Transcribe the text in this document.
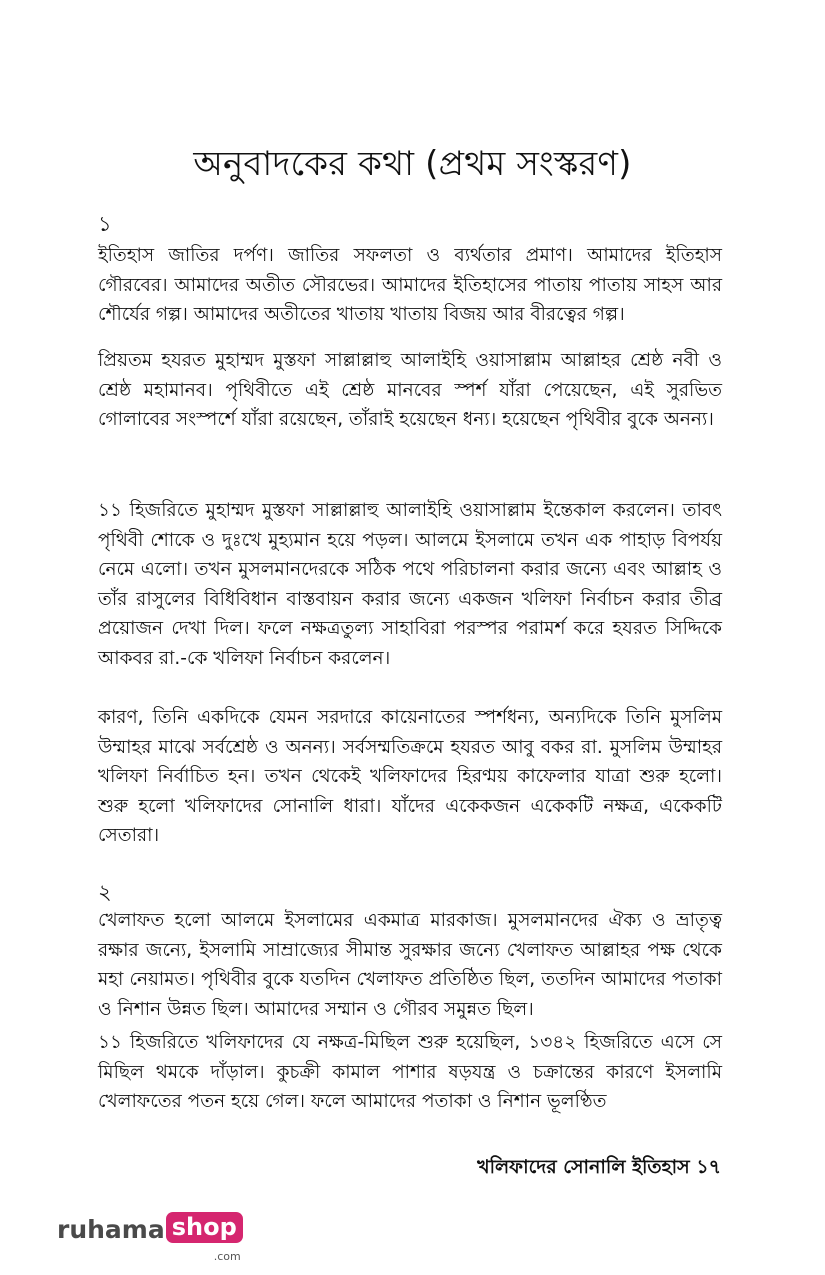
অনুবাদকের কথা (প্রথম সংস্করণ)
১

ইতিহাস জাতির দর্পণ। জাতির সফলতা ও ব্যর্থতার প্রমাণ। আমাদের ইতিহাস গৌরবের। আমাদের অতীত সৌরভের। আমাদের ইতিহাসের পাতায় পাতায় সাহস আর শৌর্যের গল্প। আমাদের অতীতের খাতায় খাতায় বিজয় আর বীরত্বের গল্প।

প্রিয়তম হযরত মুহাম্মদ মুস্তফা সাল্লাল্লাহু আলাইহি ওয়াসাল্লাম আল্লাহর শ্রেষ্ঠ নবী ও শ্রেষ্ঠ মহামানব। পৃথিবীতে এই শ্রেষ্ঠ মানবের স্পর্শ যাঁরা পেয়েছেন, এই সুরভিত গোলাবের সংস্পর্শে যাঁরা রয়েছেন, তাঁরাই হয়েছেন ধন্য। হয়েছেন পৃথিবীর বুকে অনন্য।

১১ হিজরিতে মুহাম্মদ মুস্তফা সাল্লাল্লাহু আলাইহি ওয়াসাল্লাম ইন্তেকাল করলেন। তাবৎ পৃথিবী শোকে ও দুঃখে মুহ্যমান হয়ে পড়ল। আলমে ইসলামে তখন এক পাহাড় বিপর্যয় নেমে এলো। তখন মুসলমানদেরকে সঠিক পথে পরিচালনা করার জন্যে এবং আল্লাহ ও তাঁর রাসুলের বিধিবিধান বাস্তবায়ন করার জন্যে একজন খলিফা নির্বাচন করার তীব্র প্রয়োজন দেখা দিল। ফলে নক্ষত্রতুল্য সাহাবিরা পরস্পর পরামর্শ করে হযরত সিদ্দিকে আকবর রা.-কে খলিফা নির্বাচন করলেন।

কারণ, তিনি একদিকে যেমন সরদারে কায়েনাতের স্পর্শধন্য, অন্যদিকে তিনি মুসলিম উম্মাহর মাঝে সর্বশ্রেষ্ঠ ও অনন্য। সর্বসম্মতিক্রমে হযরত আবু বকর রা. মুসলিম উম্মাহর খলিফা নির্বাচিত হন। তখন থেকেই খলিফাদের হিরণ্ময় কাফেলার যাত্রা শুরু হলো। শুরু হলো খলিফাদের সোনালি ধারা। যাঁদের একেকজন একেকটি নক্ষত্র, একেকটি সেতারা।

২

খেলাফত হলো আলমে ইসলামের একমাত্র মারকাজ। মুসলমানদের ঐক্য ও ভ্রাতৃত্ব রক্ষার জন্যে, ইসলামি সাম্রাজ্যের সীমান্ত সুরক্ষার জন্যে খেলাফত আল্লাহর পক্ষ থেকে মহা নেয়ামত। পৃথিবীর বুকে যতদিন খেলাফত প্রতিষ্ঠিত ছিল, ততদিন আমাদের পতাকা ও নিশান উন্নত ছিল। আমাদের সম্মান ও গৌরব সমুন্নত ছিল।

১১ হিজরিতে খলিফাদের যে নক্ষত্র-মিছিল শুরু হয়েছিল, ১৩৪২ হিজরিতে এসে সে মিছিল থমকে দাঁড়াল। কুচক্রী কামাল পাশার ষড়যন্ত্র ও চক্রান্তের কারণে ইসলামি খেলাফতের পতন হয়ে গেল। ফলে আমাদের পতাকা ও নিশান ভূলণ্ঠিত

খলিফাদের সোনালি ইতিহাস ১৭
ruhama shop
.com
